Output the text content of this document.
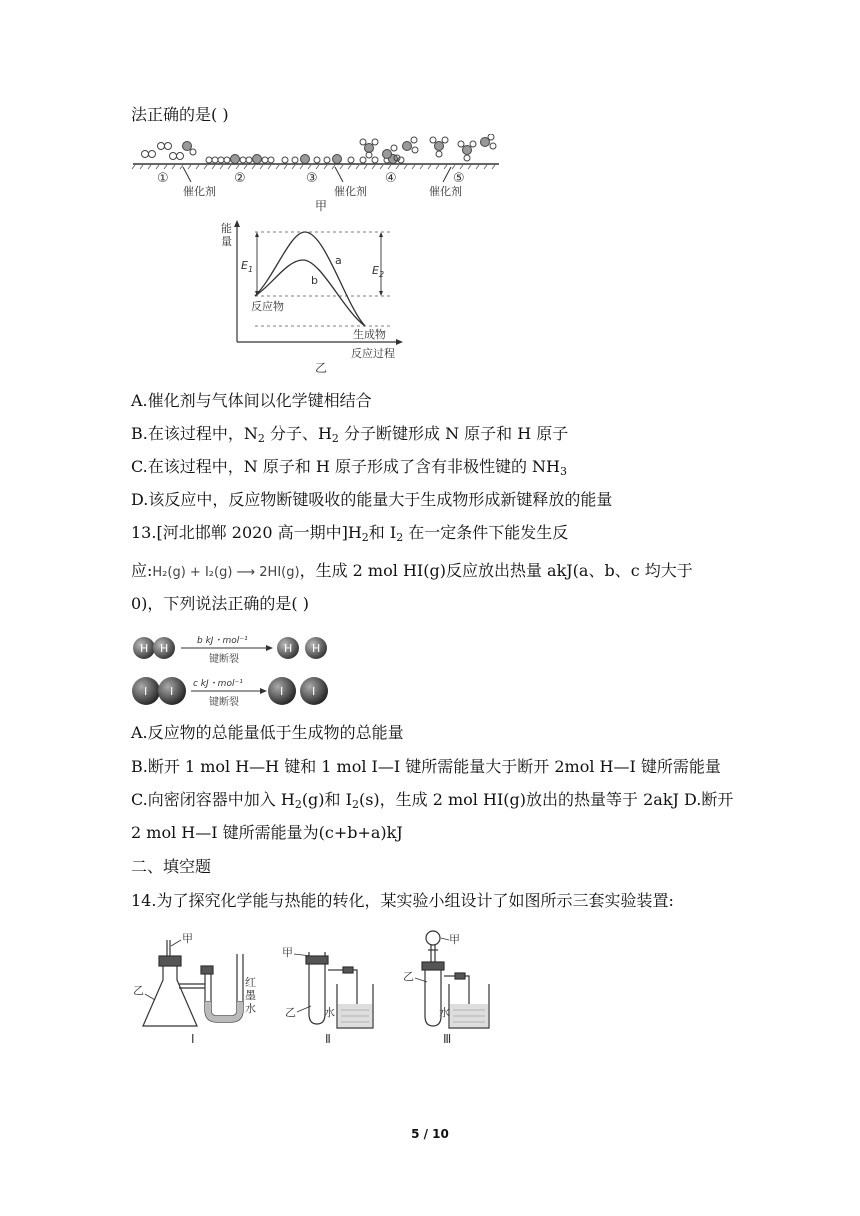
法正确的是( )
①	②	③	④	⑤
催化剂	催化剂	催化剂
甲
能
量
a
b
$E_1$	$E_2$
反应物
生成物
反应过程
乙
A.催化剂与气体间以化学键相结合
B.在该过程中，$N_2$ 分子、$H_2$ 分子断键形成 N 原子和 H 原子
C.在该过程中，N 原子和 H 原子形成了含有非极性键的 $NH_3$
D.该反应中，反应物断键吸收的能量大于生成物形成新键释放的能量
13.[河北邯郸 2020 高一期中]$H_2$和 $I_2$ 在一定条件下能发生反
应:H₂(g) + I₂(g) ⟶ 2HI(g)，生成 2 mol HI(g)反应放出热量 akJ(a、b、c 均大于
0)，下列说法正确的是( )
H H
b kJ・mol⁻¹
键断裂
H H
I I
c kJ・mol⁻¹
键断裂
I	I
A.反应物的总能量低于生成物的总能量
B.断开 1 mol H—H 键和 1 mol I—I 键所需能量大于断开 2mol H—I 键所需能量
C.向密闭容器中加入 $H_2(g)$和 $I_2(s)$，生成 2 mol HI(g)放出的热量等于 2akJ D.断开
2 mol H—I 键所需能量为(c+b+a)kJ
二、填空题
14.为了探究化学能与热能的转化，某实验小组设计了如图所示三套实验装置:
甲
乙
红
墨
水
Ⅰ
甲
乙	水
Ⅱ
甲
乙
水
Ⅲ
5 / 10
